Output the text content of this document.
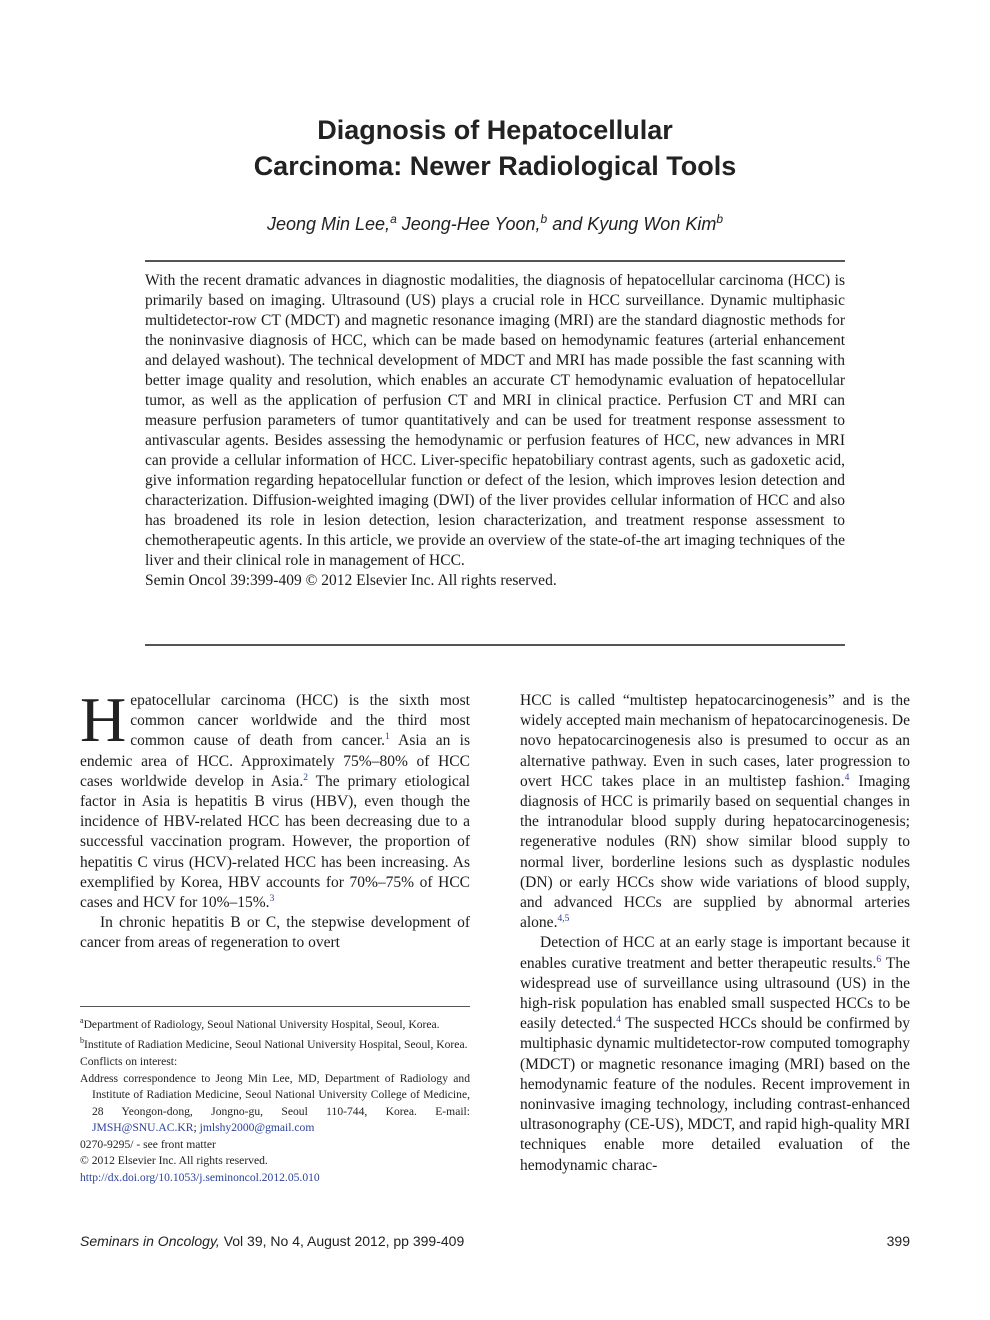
Diagnosis of Hepatocellular
Carcinoma: Newer Radiological Tools
Jeong Min Lee,$^a$ Jeong-Hee Yoon,$^b$ and Kyung Won Kim$^b$

With the recent dramatic advances in diagnostic modalities, the diagnosis of hepatocellular carcinoma (HCC) is primarily based on imaging. Ultrasound (US) plays a crucial role in HCC surveillance. Dynamic multiphasic multidetector-row CT (MDCT) and magnetic resonance imaging (MRI) are the standard diagnostic methods for the noninvasive diagnosis of HCC, which can be made based on hemodynamic features (arterial enhancement and delayed washout). The technical development of MDCT and MRI has made possible the fast scanning with better image quality and resolution, which enables an accurate CT hemodynamic evaluation of hepatocellular tumor, as well as the application of perfusion CT and MRI in clinical practice. Perfusion CT and MRI can measure perfusion parameters of tumor quantitatively and can be used for treatment response assessment to antivascular agents. Besides assessing the hemodynamic or perfusion features of HCC, new advances in MRI can provide a cellular information of HCC. Liver-specific hepatobiliary contrast agents, such as gadoxetic acid, give information regarding hepatocellular function or defect of the lesion, which improves lesion detection and characterization. Diffusion-weighted imaging (DWI) of the liver provides cellular information of HCC and also has broadened its role in lesion detection, lesion characterization, and treatment response assessment to chemotherapeutic agents. In this article, we provide an overview of the state-of-the art imaging techniques of the liver and their clinical role in management of HCC.

Semin Oncol 39:399-409 © 2012 Elsevier Inc. All rights reserved.

Hepatocellular carcinoma (HCC) is the sixth most common cancer worldwide and the third most common cause of death from cancer.$^1$ Asia an is endemic area of HCC. Approximately 75%–80% of HCC cases worldwide develop in Asia.$^2$ The primary etiological factor in Asia is hepatitis B virus (HBV), even though the incidence of HBV-related HCC has been decreasing due to a successful vaccination program. However, the proportion of hepatitis C virus (HCV)-related HCC has been increasing. As exemplified by Korea, HBV accounts for 70%–75% of HCC cases and HCV for 10%–15%.$^3$

In chronic hepatitis B or C, the stepwise development of cancer from areas of regeneration to overt

HCC is called “multistep hepatocarcinogenesis” and is the widely accepted main mechanism of hepatocarcinogenesis. De novo hepatocarcinogenesis also is presumed to occur as an alternative pathway. Even in such cases, later progression to overt HCC takes place in an multistep fashion.$^4$ Imaging diagnosis of HCC is primarily based on sequential changes in the intranodular blood supply during hepatocarcinogenesis; regenerative nodules (RN) show similar blood supply to normal liver, borderline lesions such as dysplastic nodules (DN) or early HCCs show wide variations of blood supply, and advanced HCCs are supplied by abnormal arteries alone.$^{4,5}$

Detection of HCC at an early stage is important because it enables curative treatment and better therapeutic results.$^6$ The widespread use of surveillance using ultrasound (US) in the high-risk population has enabled small suspected HCCs to be easily detected.$^4$ The suspected HCCs should be confirmed by multiphasic dynamic multidetector-row computed tomography (MDCT) or magnetic resonance imaging (MRI) based on the hemodynamic feature of the nodules. Recent improvement in noninvasive imaging technology, including contrast-enhanced ultrasonography (CE-US), MDCT, and rapid high-quality MRI techniques enable more detailed evaluation of the hemodynamic charac-

$^a$Department of Radiology, Seoul National University Hospital, Seoul, Korea.
$^b$Institute of Radiation Medicine, Seoul National University Hospital, Seoul, Korea.
Conflicts on interest:
Address correspondence to Jeong Min Lee, MD, Department of Radiology and Institute of Radiation Medicine, Seoul National University College of Medicine, 28 Yeongon-dong, Jongno-gu, Seoul 110-744, Korea. E-mail: JMSH@SNU.AC.KR; jmlshy2000@gmail.com
0270-9295/ - see front matter
© 2012 Elsevier Inc. All rights reserved.
http://dx.doi.org/10.1053/j.seminoncol.2012.05.010
Seminars in Oncology, Vol 39, No 4, August 2012, pp 399-409	399
